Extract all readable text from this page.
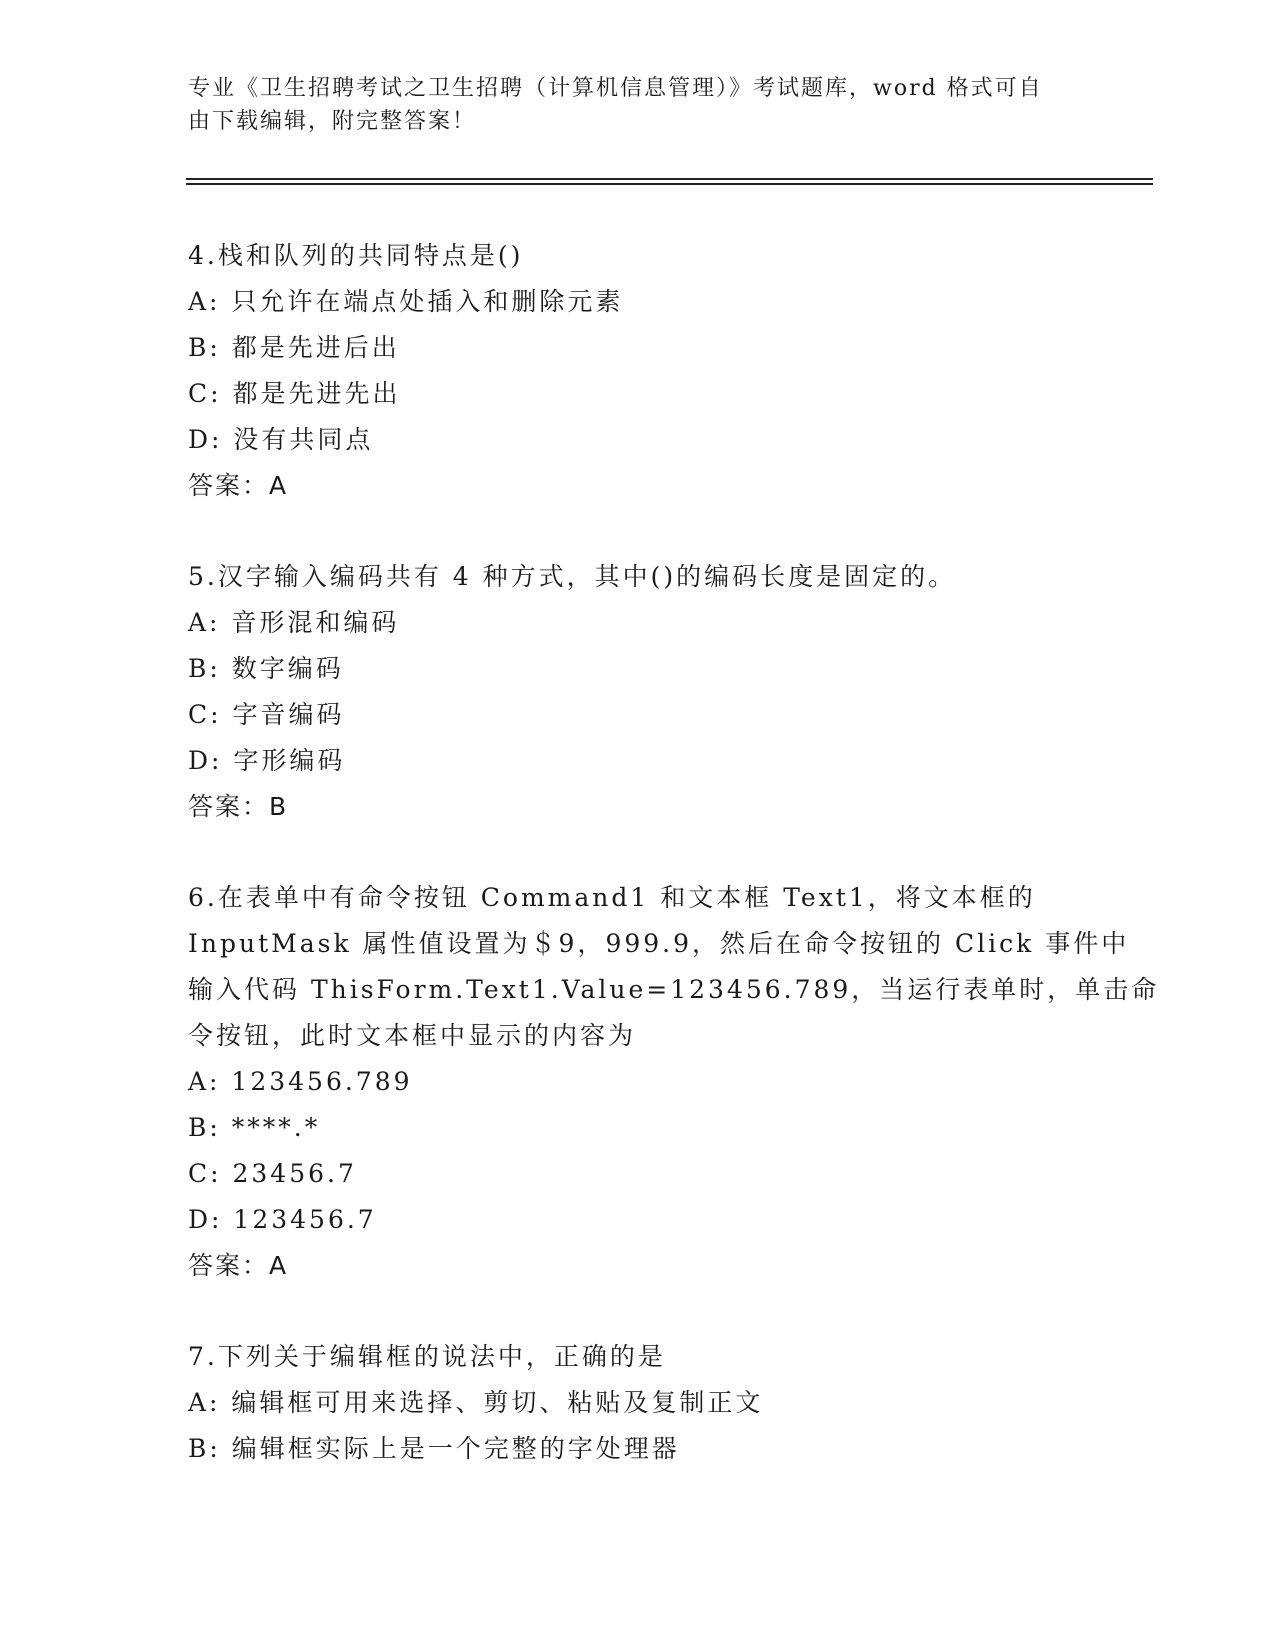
专业《卫生招聘考试之卫生招聘（计算机信息管理）》考试题库，word 格式可自
由下载编辑，附完整答案！
4.栈和队列的共同特点是()
A: 只允许在端点处插入和删除元素
B: 都是先进后出
C: 都是先进先出
D: 没有共同点
答案：A
5.汉字输入编码共有 4 种方式，其中()的编码长度是固定的。
A: 音形混和编码
B: 数字编码
C: 字音编码
D: 字形编码
答案：B
6.在表单中有命令按钮 Command1 和文本框 Text1，将文本框的
InputMask 属性值设置为＄9，999.9，然后在命令按钮的 Click 事件中
输入代码 ThisForm.Text1.Value=123456.789，当运行表单时，单击命
令按钮，此时文本框中显示的内容为
A: 123456.789
B: ****.*
C: 23456.7
D: 123456.7
答案：A
7.下列关于编辑框的说法中，正确的是
A: 编辑框可用来选择、剪切、粘贴及复制正文
B: 编辑框实际上是一个完整的字处理器
